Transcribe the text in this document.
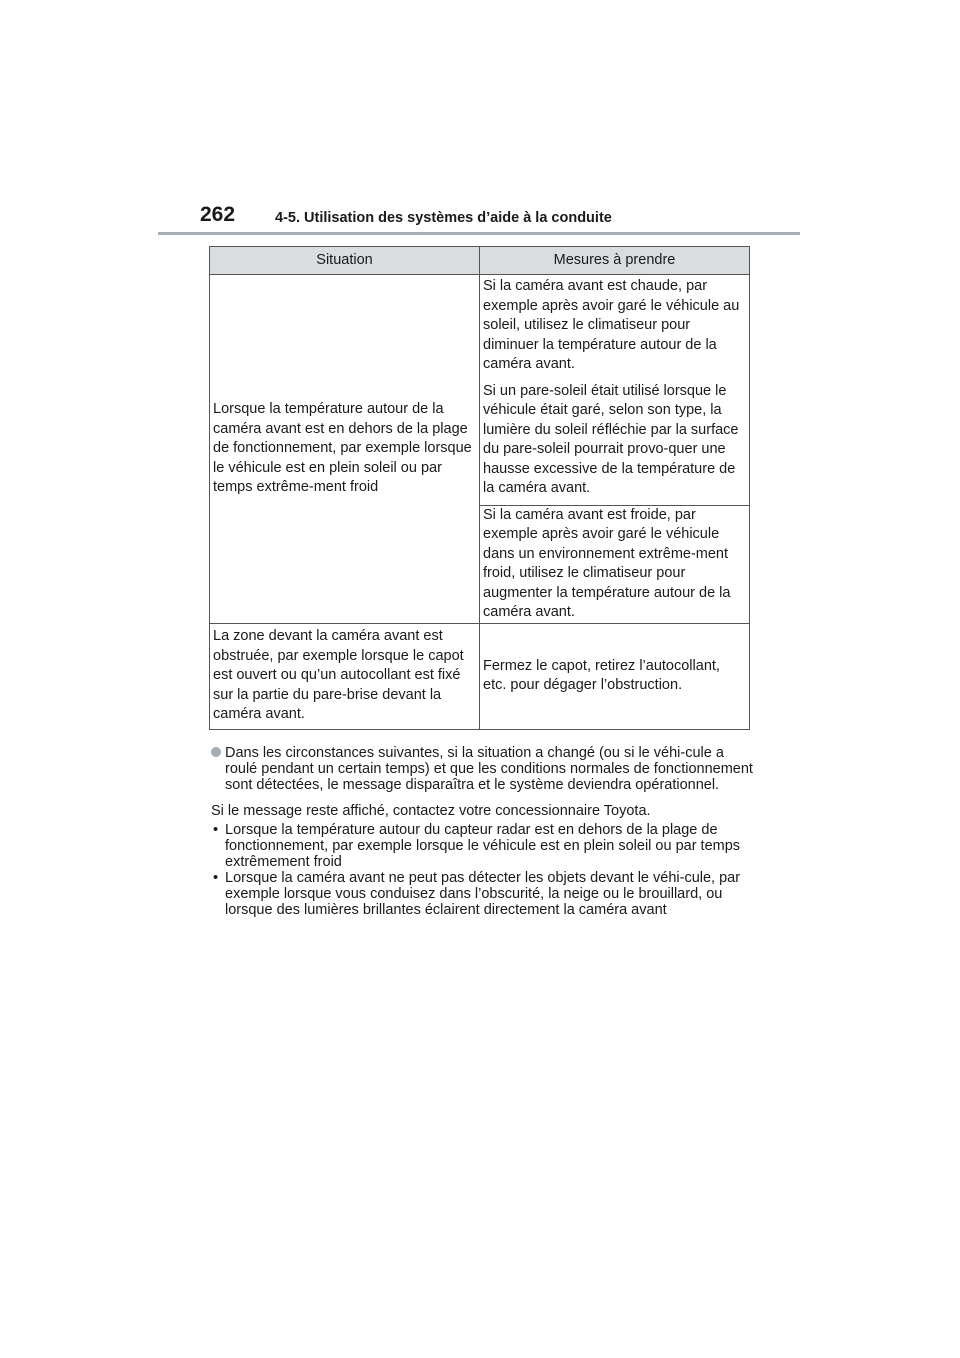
262	4-5. Utilisation des systèmes d’aide à la conduite
Situation	Mesures à prendre
Lorsque la température autour de la caméra avant est en dehors de la plage de fonctionnement, par exemple lorsque le véhicule est en plein soleil ou par temps extrême-ment froid	Si la caméra avant est chaude, par exemple après avoir garé le véhicule au soleil, utilisez le climatiseur pour diminuer la température autour de la caméra avant.

Si un pare-soleil était utilisé lorsque le véhicule était garé, selon son type, la lumière du soleil réfléchie par la surface du pare-soleil pourrait provo-quer une hausse excessive de la température de la caméra avant.

	Si la caméra avant est froide, par exemple après avoir garé le véhicule dans un environnement extrême-ment froid, utilisez le climatiseur pour augmenter la température autour de la caméra avant.
La zone devant la caméra avant est obstruée, par exemple lorsque le capot est ouvert ou qu’un autocollant est fixé sur la partie du pare-brise devant la caméra avant.	Fermez le capot, retirez l’autocollant, etc. pour dégager l’obstruction.
Dans les circonstances suivantes, si la situation a changé (ou si le véhi-cule a roulé pendant un certain temps) et que les conditions normales de fonctionnement sont détectées, le message disparaîtra et le système deviendra opérationnel.
Si le message reste affiché, contactez votre concessionnaire Toyota.
• Lorsque la température autour du capteur radar est en dehors de la plage de fonctionnement, par exemple lorsque le véhicule est en plein soleil ou par temps extrêmement froid
• Lorsque la caméra avant ne peut pas détecter les objets devant le véhi-cule, par exemple lorsque vous conduisez dans l’obscurité, la neige ou le brouillard, ou lorsque des lumières brillantes éclairent directement la caméra avant
